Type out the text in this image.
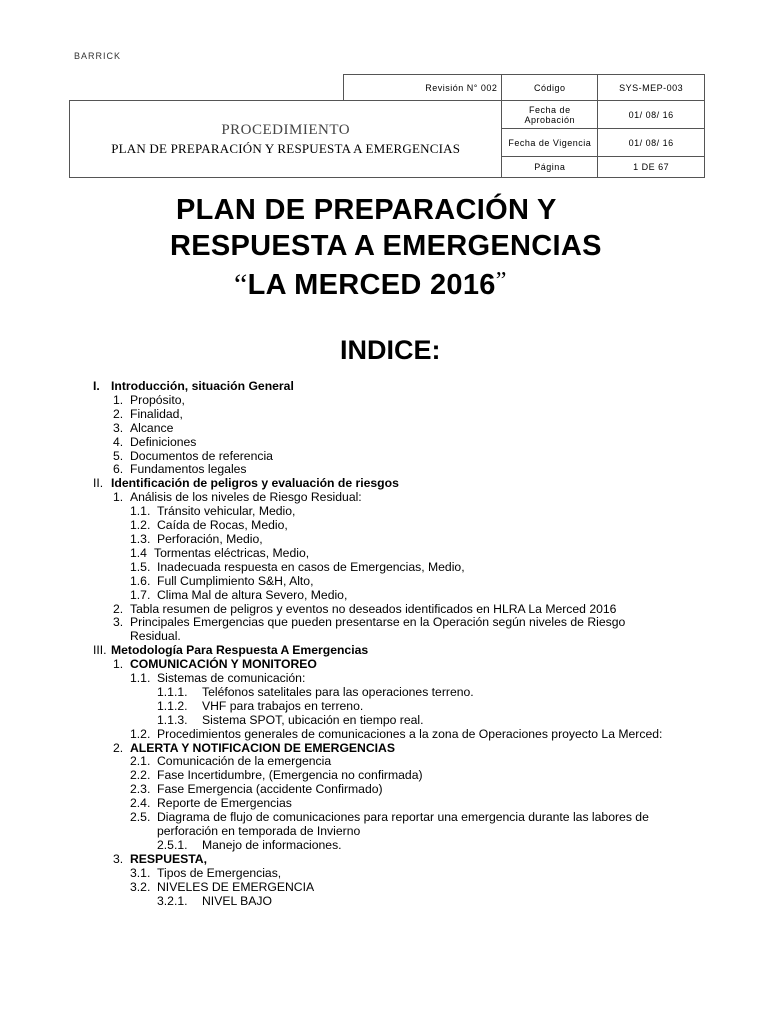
BARRICK
	Revisión N° 002	Código	SYS-MEP-003

PROCEDIMIENTO
PLAN DE PREPARACIÓN Y RESPUESTA A EMERGENCIAS		Fecha de Aprobación	01/ 08/ 16
		Fecha de Vigencia	01/ 08/ 16
		Página	1 DE 67
PLAN DE PREPARACIÓN Y
RESPUESTA A EMERGENCIAS
“LA MERCED 2016”
INDICE:
I. Introducción, situación General
1. Propósito,
2. Finalidad,
3. Alcance
4. Definiciones
5. Documentos de referencia
6. Fundamentos legales
II. Identificación de peligros y evaluación de riesgos
1. Análisis de los niveles de Riesgo Residual:
1.1. Tránsito vehicular, Medio,
1.2. Caída de Rocas, Medio,
1.3. Perforación, Medio,
1.4 Tormentas eléctricas, Medio,
1.5. Inadecuada respuesta en casos de Emergencias, Medio,
1.6. Full Cumplimiento S&H, Alto,
1.7. Clima Mal de altura Severo, Medio,
2. Tabla resumen de peligros y eventos no deseados identificados en HLRA La Merced 2016
3. Principales Emergencias que pueden presentarse en la Operación según niveles de Riesgo
Residual.
III. Metodología Para Respuesta A Emergencias
1. COMUNICACIÓN Y MONITOREO
1.1. Sistemas de comunicación:
1.1.1. Teléfonos satelitales para las operaciones terreno.
1.1.2. VHF para trabajos en terreno.
1.1.3. Sistema SPOT, ubicación en tiempo real.
1.2. Procedimientos generales de comunicaciones a la zona de Operaciones proyecto La Merced:
2. ALERTA Y NOTIFICACION DE EMERGENCIAS
2.1. Comunicación de la emergencia
2.2. Fase Incertidumbre, (Emergencia no confirmada)
2.3. Fase Emergencia (accidente Confirmado)
2.4. Reporte de Emergencias
2.5. Diagrama de flujo de comunicaciones para reportar una emergencia durante las labores de
perforación en temporada de Invierno
2.5.1. Manejo de informaciones.
3. RESPUESTA,
3.1. Tipos de Emergencias,
3.2. NIVELES DE EMERGENCIA
3.2.1. NIVEL BAJO
